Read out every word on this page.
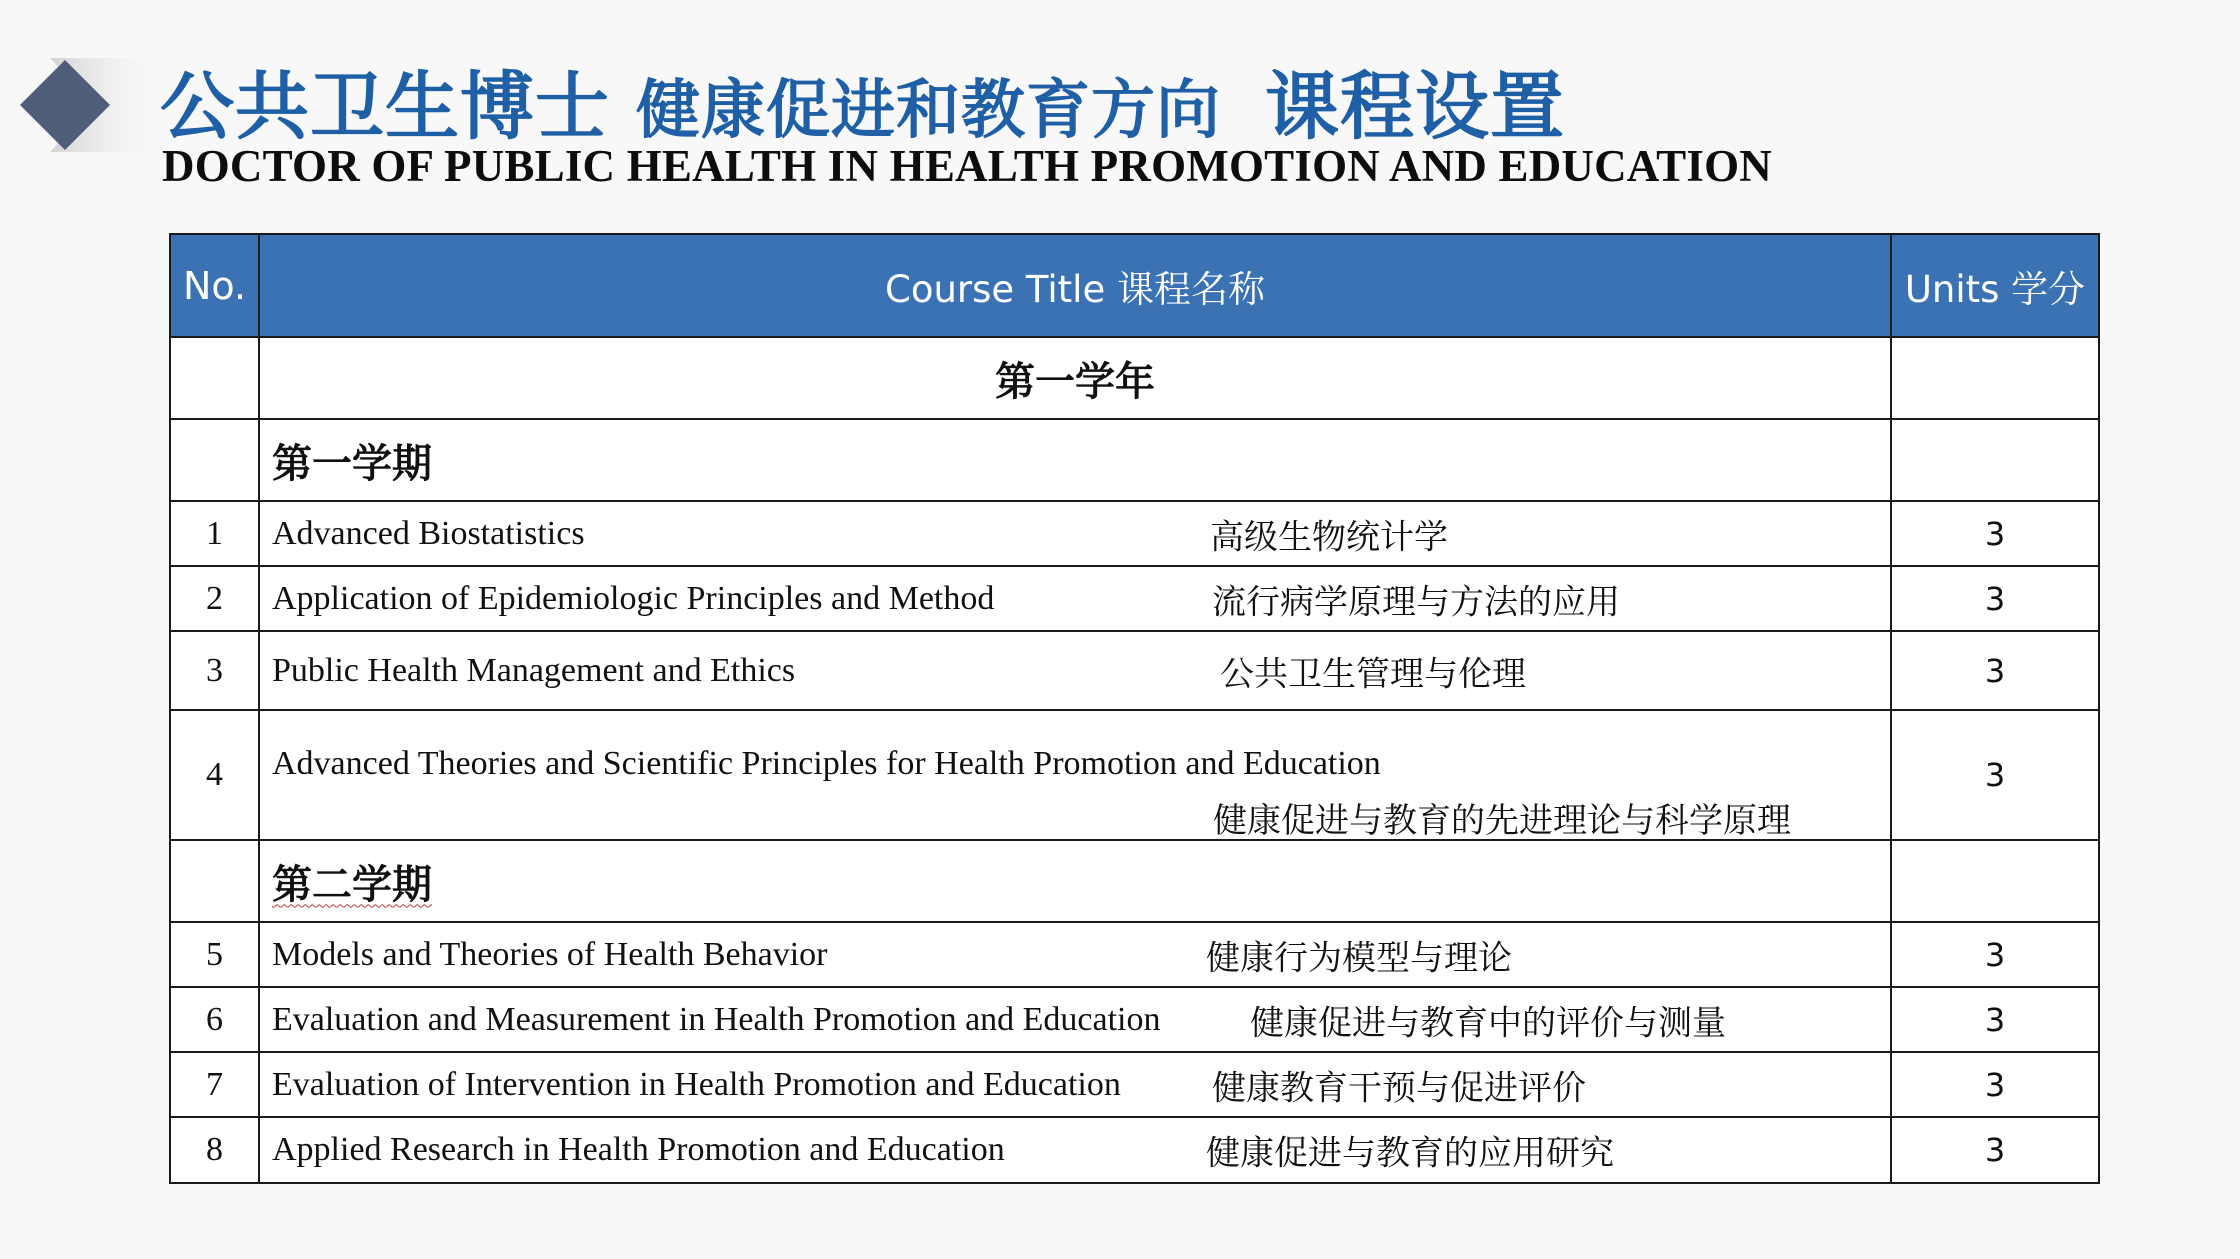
公共卫生博士 健康促进和教育方向 课程设置
DOCTOR OF PUBLIC HEALTH IN HEALTH PROMOTION AND EDUCATION
No.	Course Title 课程名称	Units 学分
	第一学年	
	第一学期	
1	Advanced Biostatistics 高级生物统计学	3
2	Application of Epidemiologic Principles and Method 流行病学原理与方法的应用	3
3	Public Health Management and Ethics 公共卫生管理与伦理	3
4	Advanced Theories and Scientific Principles for Health Promotion and Education
健康促进与教育的先进理论与科学原理	3
	第二学期	
5	Models and Theories of Health Behavior 健康行为模型与理论	3
6	Evaluation and Measurement in Health Promotion and Education 健康促进与教育中的评价与测量	3
7	Evaluation of Intervention in Health Promotion and Education 健康教育干预与促进评价	3
8	Applied Research in Health Promotion and Education 健康促进与教育的应用研究	3
